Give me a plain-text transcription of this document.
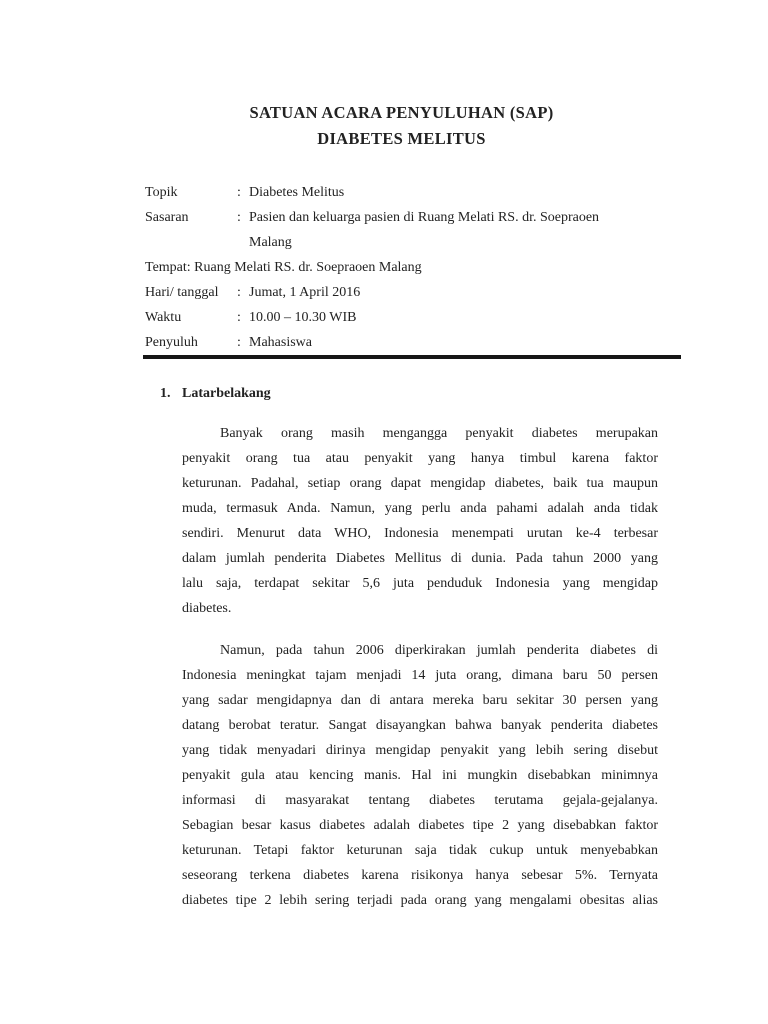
SATUAN ACARA PENYULUHAN (SAP)
DIABETES MELITUS
Topik	: Diabetes Melitus
Sasaran	: Pasien dan keluarga pasien di Ruang Melati RS. dr. Soepraoen
Malang
Tempat: Ruang Melati RS. dr. Soepraoen Malang
Hari/ tanggal	: Jumat, 1 April 2016
Waktu	: 10.00 – 10.30 WIB
Penyuluh	: Mahasiswa
1. Latarbelakang
Banyak orang masih mengangga penyakit diabetes merupakan
penyakit orang tua atau penyakit yang hanya timbul karena faktor
keturunan. Padahal, setiap orang dapat mengidap diabetes, baik tua maupun
muda, termasuk Anda. Namun, yang perlu anda pahami adalah anda tidak
sendiri. Menurut data WHO, Indonesia menempati urutan ke-4 terbesar
dalam jumlah penderita Diabetes Mellitus di dunia. Pada tahun 2000 yang
lalu saja, terdapat sekitar 5,6 juta penduduk Indonesia yang mengidap
diabetes.
Namun, pada tahun 2006 diperkirakan jumlah penderita diabetes di
Indonesia meningkat tajam menjadi 14 juta orang, dimana baru 50 persen
yang sadar mengidapnya dan di antara mereka baru sekitar 30 persen yang
datang berobat teratur. Sangat disayangkan bahwa banyak penderita diabetes
yang tidak menyadari dirinya mengidap penyakit yang lebih sering disebut
penyakit gula atau kencing manis. Hal ini mungkin disebabkan minimnya
informasi di masyarakat tentang diabetes terutama gejala-gejalanya.
Sebagian besar kasus diabetes adalah diabetes tipe 2 yang disebabkan faktor
keturunan. Tetapi faktor keturunan saja tidak cukup untuk menyebabkan
seseorang terkena diabetes karena risikonya hanya sebesar 5%. Ternyata
diabetes tipe 2 lebih sering terjadi pada orang yang mengalami obesitas alias
